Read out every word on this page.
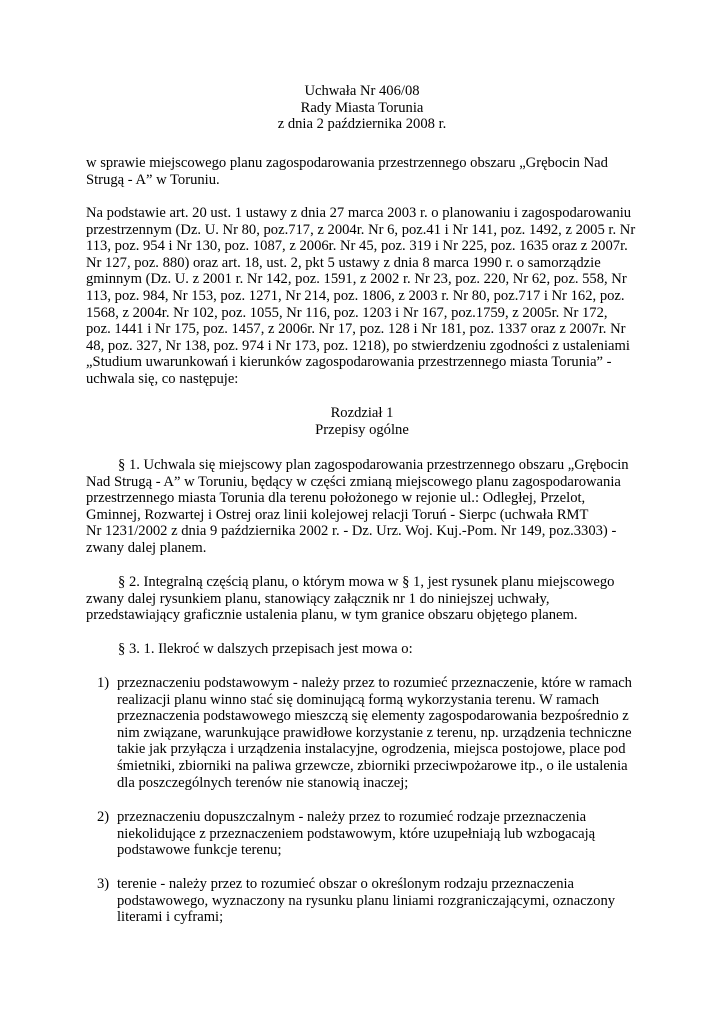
Uchwała Nr 406/08
Rady Miasta Torunia
z dnia 2 października 2008 r.
w sprawie miejscowego planu zagospodarowania przestrzennego obszaru „Grębocin Nad
Strugą - A” w Toruniu.
Na podstawie art. 20 ust. 1 ustawy z dnia 27 marca 2003 r. o planowaniu i zagospodarowaniu
przestrzennym (Dz. U. Nr 80, poz.717, z 2004r. Nr 6, poz.41 i Nr 141, poz. 1492, z 2005 r. Nr
113, poz. 954 i Nr 130, poz. 1087, z 2006r. Nr 45, poz. 319 i Nr 225, poz. 1635 oraz z 2007r.
Nr 127, poz. 880) oraz art. 18, ust. 2, pkt 5 ustawy z dnia 8 marca 1990 r. o samorządzie
gminnym (Dz. U. z 2001 r. Nr 142, poz. 1591, z 2002 r. Nr 23, poz. 220, Nr 62, poz. 558, Nr
113, poz. 984, Nr 153, poz. 1271, Nr 214, poz. 1806, z 2003 r. Nr 80, poz.717 i Nr 162, poz.
1568, z 2004r. Nr 102, poz. 1055, Nr 116, poz. 1203 i Nr 167, poz.1759, z 2005r. Nr 172,
poz. 1441 i Nr 175, poz. 1457, z 2006r. Nr 17, poz. 128 i Nr 181, poz. 1337 oraz z 2007r. Nr
48, poz. 327, Nr 138, poz. 974 i Nr 173, poz. 1218), po stwierdzeniu zgodności z ustaleniami
„Studium uwarunkowań i kierunków zagospodarowania przestrzennego miasta Torunia” -
uchwala się, co następuje:
Rozdział 1
Przepisy ogólne
§ 1. Uchwala się miejscowy plan zagospodarowania przestrzennego obszaru „Grębocin
Nad Strugą - A” w Toruniu, będący w części zmianą miejscowego planu zagospodarowania
przestrzennego miasta Torunia dla terenu położonego w rejonie ul.: Odległej, Przelot,
Gminnej, Rozwartej i Ostrej oraz linii kolejowej relacji Toruń - Sierpc (uchwała RMT
Nr 1231/2002 z dnia 9 października 2002 r. - Dz. Urz. Woj. Kuj.-Pom. Nr 149, poz.3303) -
zwany dalej planem.
§ 2. Integralną częścią planu, o którym mowa w § 1, jest rysunek planu miejscowego
zwany dalej rysunkiem planu, stanowiący załącznik nr 1 do niniejszej uchwały,
przedstawiający graficznie ustalenia planu, w tym granice obszaru objętego planem.
§ 3. 1. Ilekroć w dalszych przepisach jest mowa o:
1) przeznaczeniu podstawowym - należy przez to rozumieć przeznaczenie, które w ramach
realizacji planu winno stać się dominującą formą wykorzystania terenu. W ramach
przeznaczenia podstawowego mieszczą się elementy zagospodarowania bezpośrednio z
nim związane, warunkujące prawidłowe korzystanie z terenu, np. urządzenia techniczne
takie jak przyłącza i urządzenia instalacyjne, ogrodzenia, miejsca postojowe, place pod
śmietniki, zbiorniki na paliwa grzewcze, zbiorniki przeciwpożarowe itp., o ile ustalenia
dla poszczególnych terenów nie stanowią inaczej;
2) przeznaczeniu dopuszczalnym - należy przez to rozumieć rodzaje przeznaczenia
niekolidujące z przeznaczeniem podstawowym, które uzupełniają lub wzbogacają
podstawowe funkcje terenu;
3) terenie - należy przez to rozumieć obszar o określonym rodzaju przeznaczenia
podstawowego, wyznaczony na rysunku planu liniami rozgraniczającymi, oznaczony
literami i cyframi;
